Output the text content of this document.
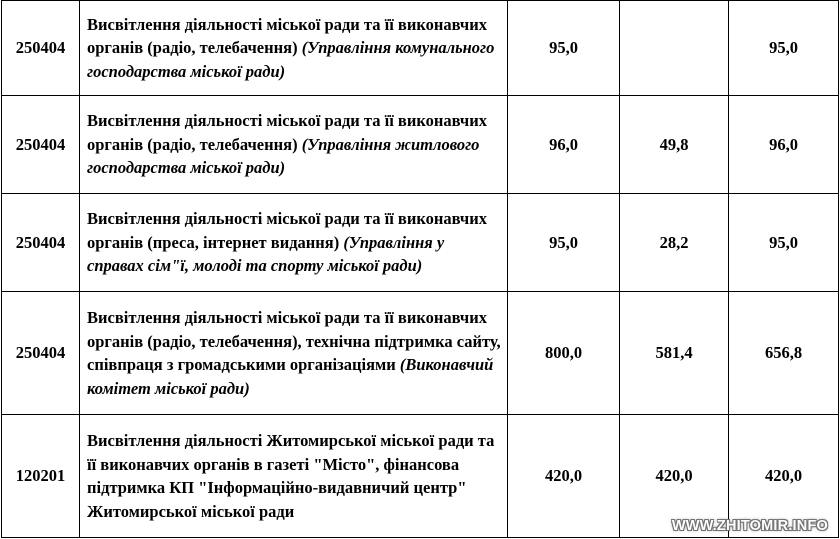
250404	Висвітлення діяльності міської ради та її виконавчих органів (радіо, телебачення) (Управління комунального господарства міської ради)	95,0		95,0
250404	Висвітлення діяльності міської ради та її виконавчих органів (радіо, телебачення) (Управління житлового господарства міської ради)	96,0	49,8	96,0
250404	Висвітлення діяльності міської ради та її виконавчих органів (преса, інтернет видання) (Управління у справах сім"ї, молоді та спорту міської ради)	95,0	28,2	95,0
250404	Висвітлення діяльності міської ради та її виконавчих органів (радіо, телебачення), технічна підтримка сайту, співпраця з громадськими організаціями (Виконавчий комітет міської ради)	800,0	581,4	656,8
120201	Висвітлення діяльності Житомирської міської ради та її виконавчих органів в газеті "Місто", фінансова підтримка КП "Інформаційно-видавничий центр" Житомирської міської ради	420,0	420,0	420,0
WWW.ZHITOMIR.INFO
